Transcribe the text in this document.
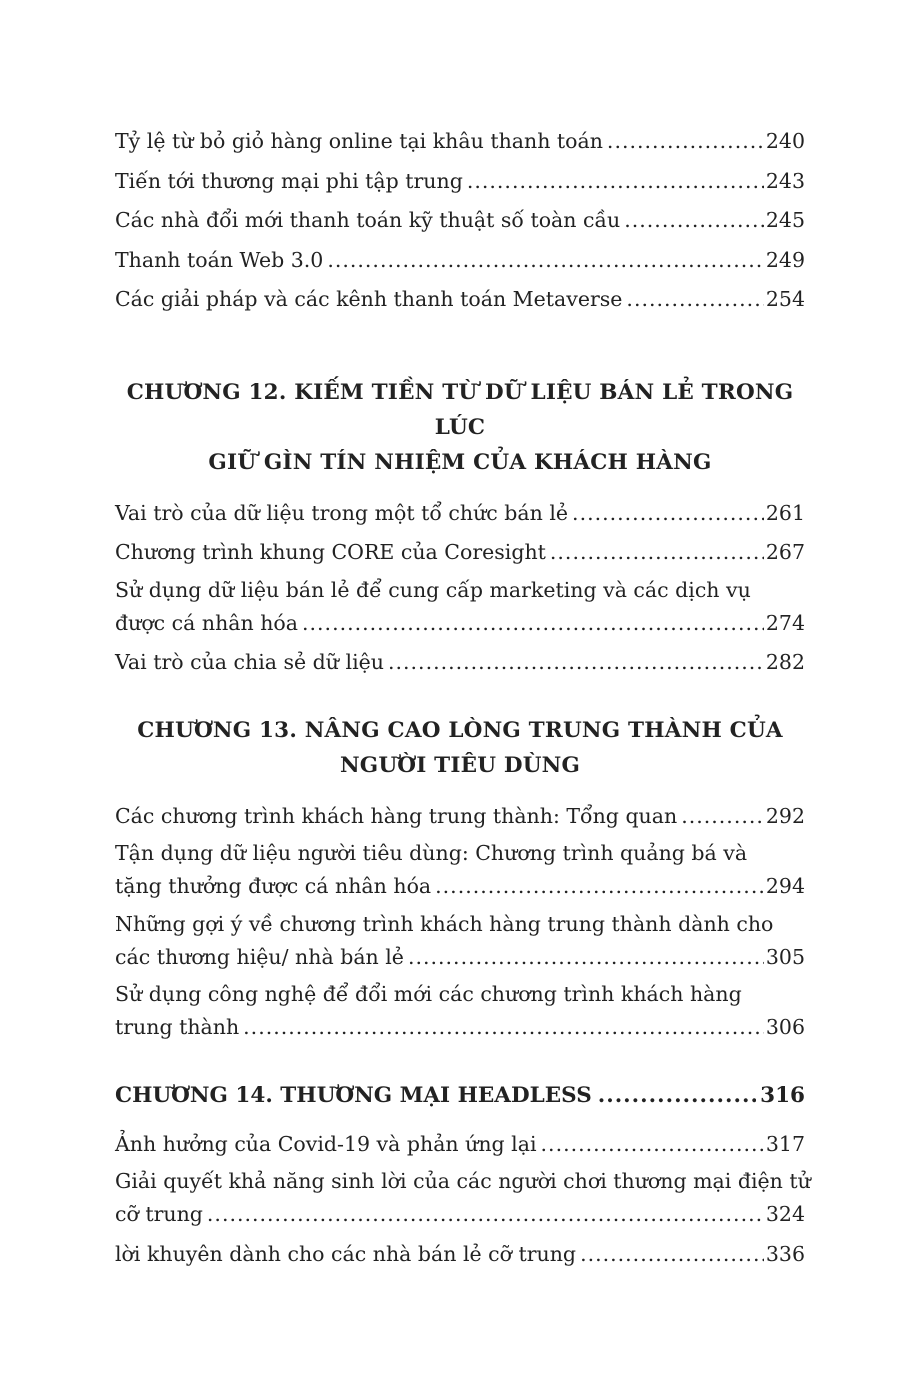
Tỷ lệ từ bỏ giỏ hàng online tại khâu thanh toán .....	240
Tiến tới thương mại phi tập trung .....	243
Các nhà đổi mới thanh toán kỹ thuật số toàn cầu .....	245
Thanh toán Web 3.0 .....	249
Các giải pháp và các kênh thanh toán Metaverse .....	254
CHƯƠNG 12. KIẾM TIỀN TỪ DỮ LIỆU BÁN LẺ TRONG LÚC
GIỮ GÌN TÍN NHIỆM CỦA KHÁCH HÀNG
Vai trò của dữ liệu trong một tổ chức bán lẻ .....	261
Chương trình khung CORE của Coresight .....	267
Sử dụng dữ liệu bán lẻ để cung cấp marketing và các dịch vụ
được cá nhân hóa .....	274
Vai trò của chia sẻ dữ liệu .....	282
CHƯƠNG 13. NÂNG CAO LÒNG TRUNG THÀNH CỦA
NGƯỜI TIÊU DÙNG
Các chương trình khách hàng trung thành: Tổng quan .....	292
Tận dụng dữ liệu người tiêu dùng: Chương trình quảng bá và
tặng thưởng được cá nhân hóa .....	294
Những gợi ý về chương trình khách hàng trung thành dành cho
các thương hiệu/ nhà bán lẻ .....	305
Sử dụng công nghệ để đổi mới các chương trình khách hàng
trung thành .....	306
CHƯƠNG 14. THƯƠNG MẠI HEADLESS .....	316
Ảnh hưởng của Covid-19 và phản ứng lại .....	317
Giải quyết khả năng sinh lời của các người chơi thương mại điện tử
cỡ trung .....	324
lời khuyên dành cho các nhà bán lẻ cỡ trung .....	336
